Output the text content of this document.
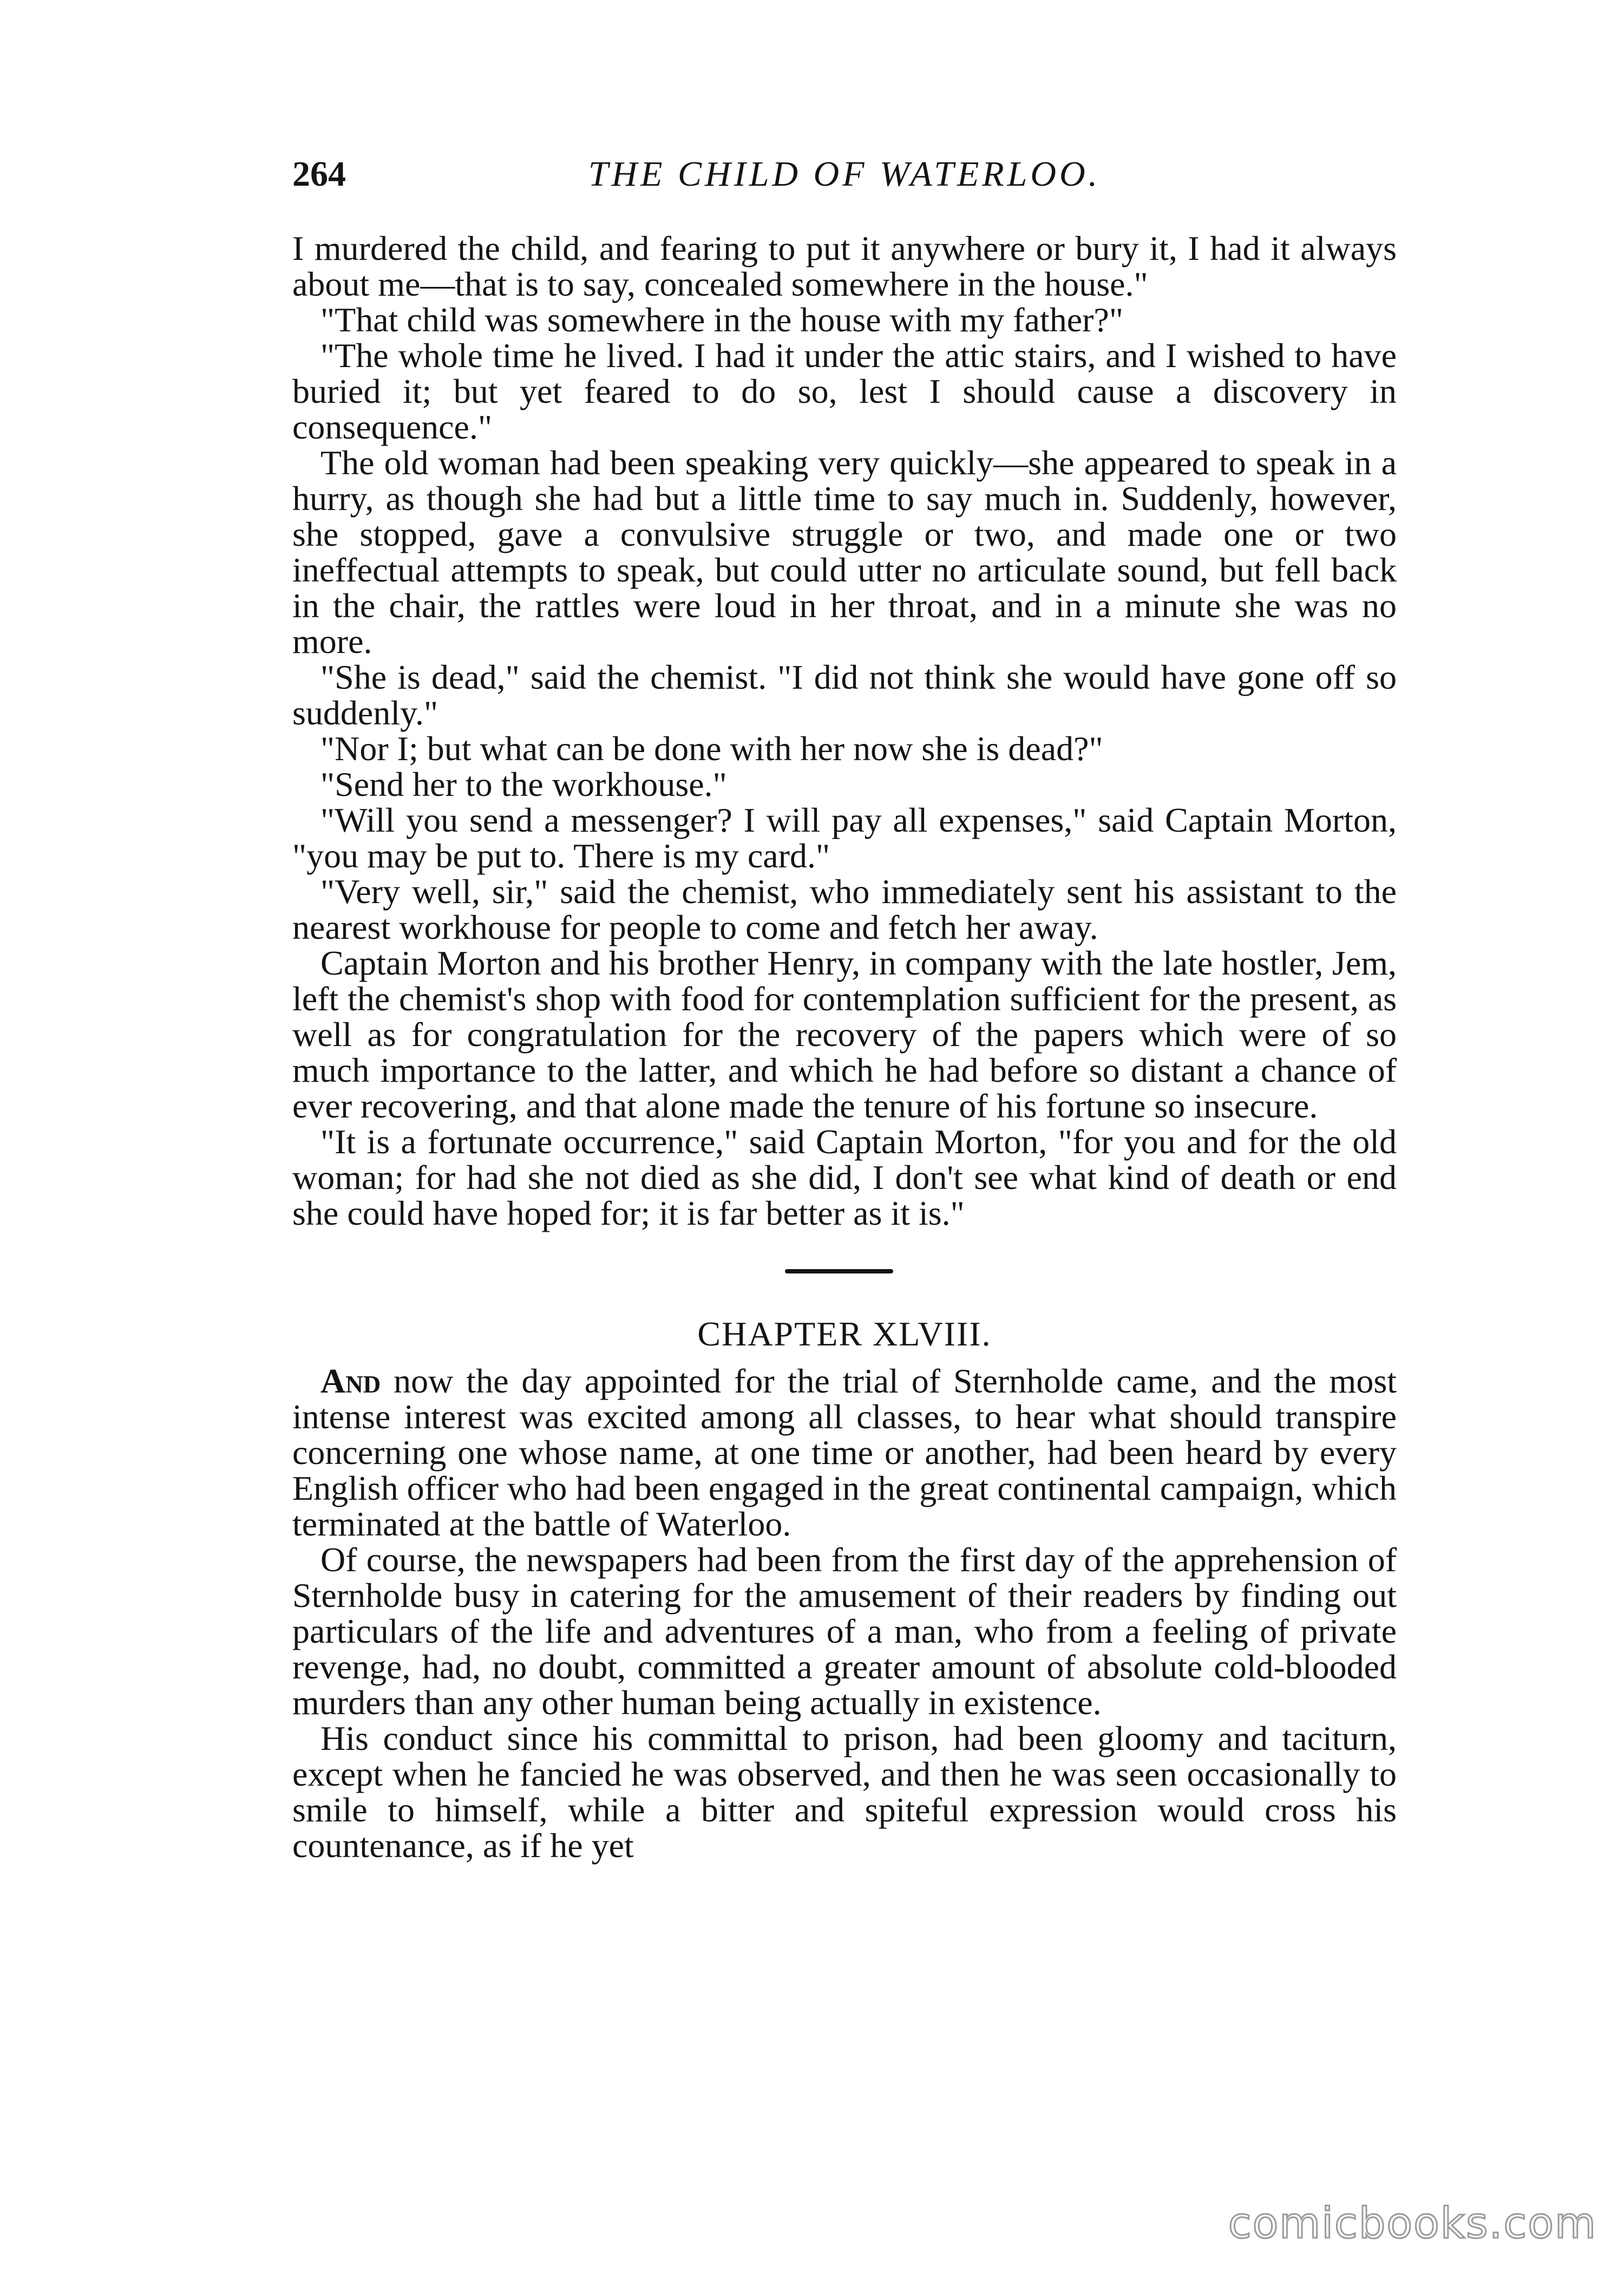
264	THE CHILD OF WATERLOO.

I murdered the child, and fearing to put it anywhere or bury it, I had it always about me—that is to say, concealed somewhere in the house."

"That child was somewhere in the house with my father?"

"The whole time he lived. I had it under the attic stairs, and I wished to have buried it; but yet feared to do so, lest I should cause a discovery in consequence."

The old woman had been speaking very quickly—she appeared to speak in a hurry, as though she had but a little time to say much in. Suddenly, however, she stopped, gave a convulsive struggle or two, and made one or two ineffectual attempts to speak, but could utter no articulate sound, but fell back in the chair, the rattles were loud in her throat, and in a minute she was no more.

"She is dead," said the chemist. "I did not think she would have gone off so suddenly."

"Nor I; but what can be done with her now she is dead?"

"Send her to the workhouse."

"Will you send a messenger? I will pay all expenses," said Captain Morton, "you may be put to. There is my card."

"Very well, sir," said the chemist, who immediately sent his assistant to the nearest workhouse for people to come and fetch her away.

Captain Morton and his brother Henry, in company with the late hostler, Jem, left the chemist's shop with food for contemplation sufficient for the present, as well as for congratulation for the recovery of the papers which were of so much importance to the latter, and which he had before so distant a chance of ever recovering, and that alone made the tenure of his fortune so insecure.

"It is a fortunate occurrence," said Captain Morton, "for you and for the old woman; for had she not died as she did, I don't see what kind of death or end she could have hoped for; it is far better as it is."

CHAPTER XLVIII.

And now the day appointed for the trial of Sternholde came, and the most intense interest was excited among all classes, to hear what should transpire concerning one whose name, at one time or another, had been heard by every English officer who had been engaged in the great continental campaign, which terminated at the battle of Waterloo.

Of course, the newspapers had been from the first day of the apprehension of Sternholde busy in catering for the amusement of their readers by finding out particulars of the life and adventures of a man, who from a feeling of private revenge, had, no doubt, committed a greater amount of absolute cold-blooded murders than any other human being actually in existence.

His conduct since his committal to prison, had been gloomy and taciturn, except when he fancied he was observed, and then he was seen occasionally to smile to himself, while a bitter and spiteful expression would cross his countenance, as if he yet

comicbooks.com
